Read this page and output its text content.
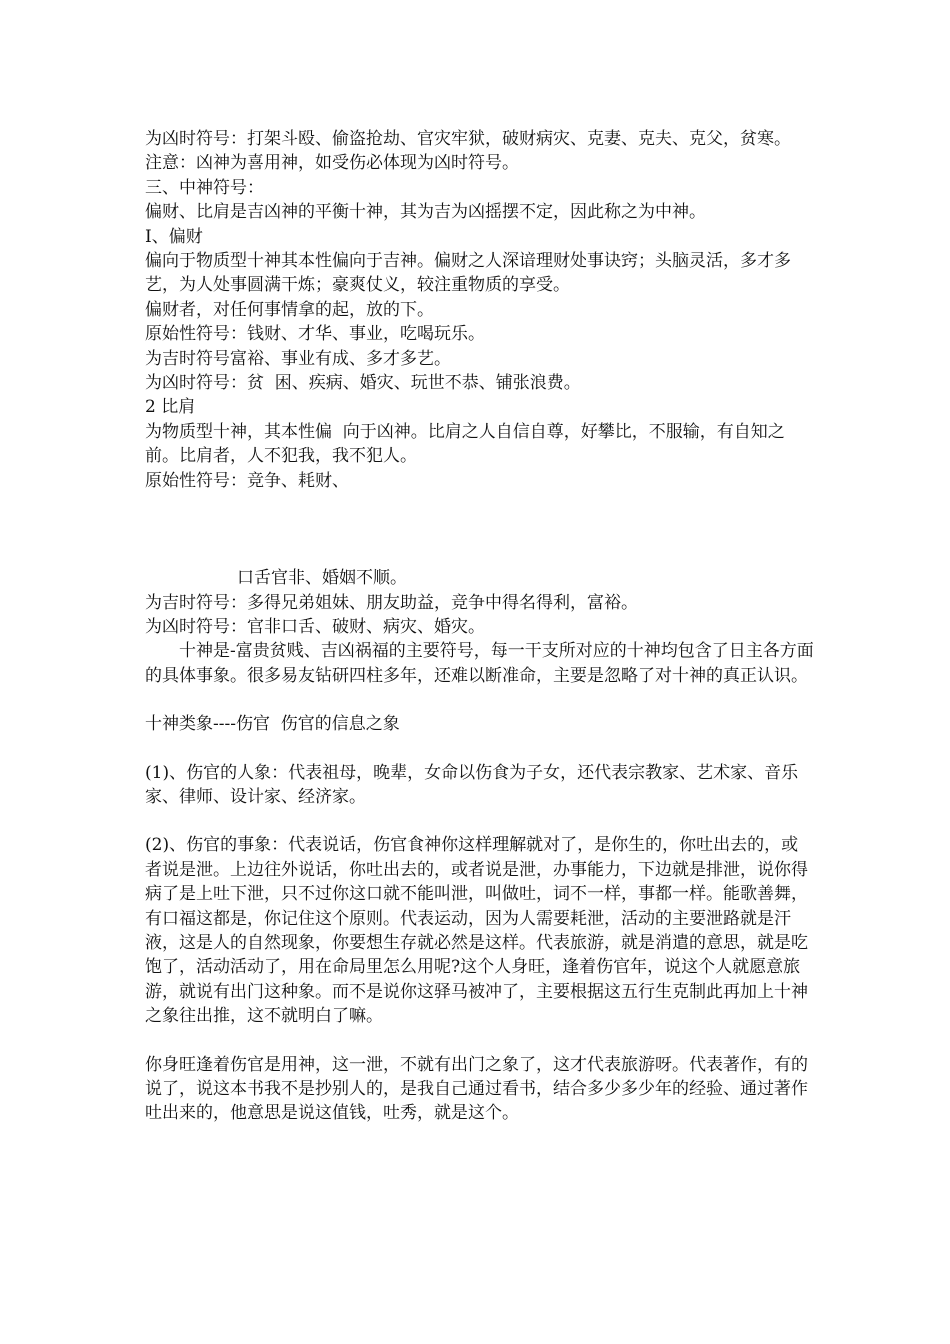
为凶时符号：打架斗殴、偷盗抢劫、官灾牢狱，破财病灾、克妻、克夫、克父，贫寒。

注意：凶神为喜用神，如受伤必体现为凶时符号。

三、中神符号：

偏财、比肩是吉凶神的平衡十神，其为吉为凶摇摆不定，因此称之为中神。

I、偏财

偏向于物质型十神其本性偏向于吉神。偏财之人深谙理财处事诀窍；头脑灵活，多才多艺，为人处事圆满干炼；豪爽仗义，较注重物质的享受。

偏财者，对任何事情拿的起，放的下。

原始性符号：钱财、才华、事业，吃喝玩乐。

为吉时符号富裕、事业有成、多才多艺。

为凶时符号：贫  困、疾病、婚灾、玩世不恭、铺张浪费。

2 比肩

为物质型十神，其本性偏  向于凶神。比肩之人自信自尊，好攀比，不服输，有自知之前。比肩者，人不犯我，我不犯人。

原始性符号：竞争、耗财、

口舌官非、婚姻不顺。

为吉时符号：多得兄弟姐妹、朋友助益，竞争中得名得利，富裕。

为凶时符号：官非口舌、破财、病灾、婚灾。

十神是-富贵贫贱、吉凶祸福的主要符号，每一干支所对应的十神均包含了日主各方面的具体事象。很多易友钻研四柱多年，还难以断准命，主要是忽略了对十神的真正认识。

十神类象----伤官  伤官的信息之象

(1)、伤官的人象：代表祖母，晚辈，女命以伤食为子女，还代表宗教家、艺术家、音乐家、律师、设计家、经济家。

(2)、伤官的事象：代表说话，伤官食神你这样理解就对了，是你生的，你吐出去的，或者说是泄。上边往外说话，你吐出去的，或者说是泄，办事能力，下边就是排泄，说你得病了是上吐下泄，只不过你这口就不能叫泄，叫做吐，词不一样，事都一样。能歌善舞，有口福这都是，你记住这个原则。代表运动，因为人需要耗泄，活动的主要泄路就是汗液，这是人的自然现象，你要想生存就必然是这样。代表旅游，就是消遣的意思，就是吃饱了，活动活动了，用在命局里怎么用呢?这个人身旺，逢着伤官年，说这个人就愿意旅游，就说有出门这种象。而不是说你这驿马被冲了，主要根据这五行生克制此再加上十神之象往出推，这不就明白了嘛。

你身旺逢着伤官是用神，这一泄，不就有出门之象了，这才代表旅游呀。代表著作，有的说了，说这本书我不是抄别人的，是我自己通过看书，结合多少多少年的经验、通过著作吐出来的，他意思是说这值钱，吐秀，就是这个。
